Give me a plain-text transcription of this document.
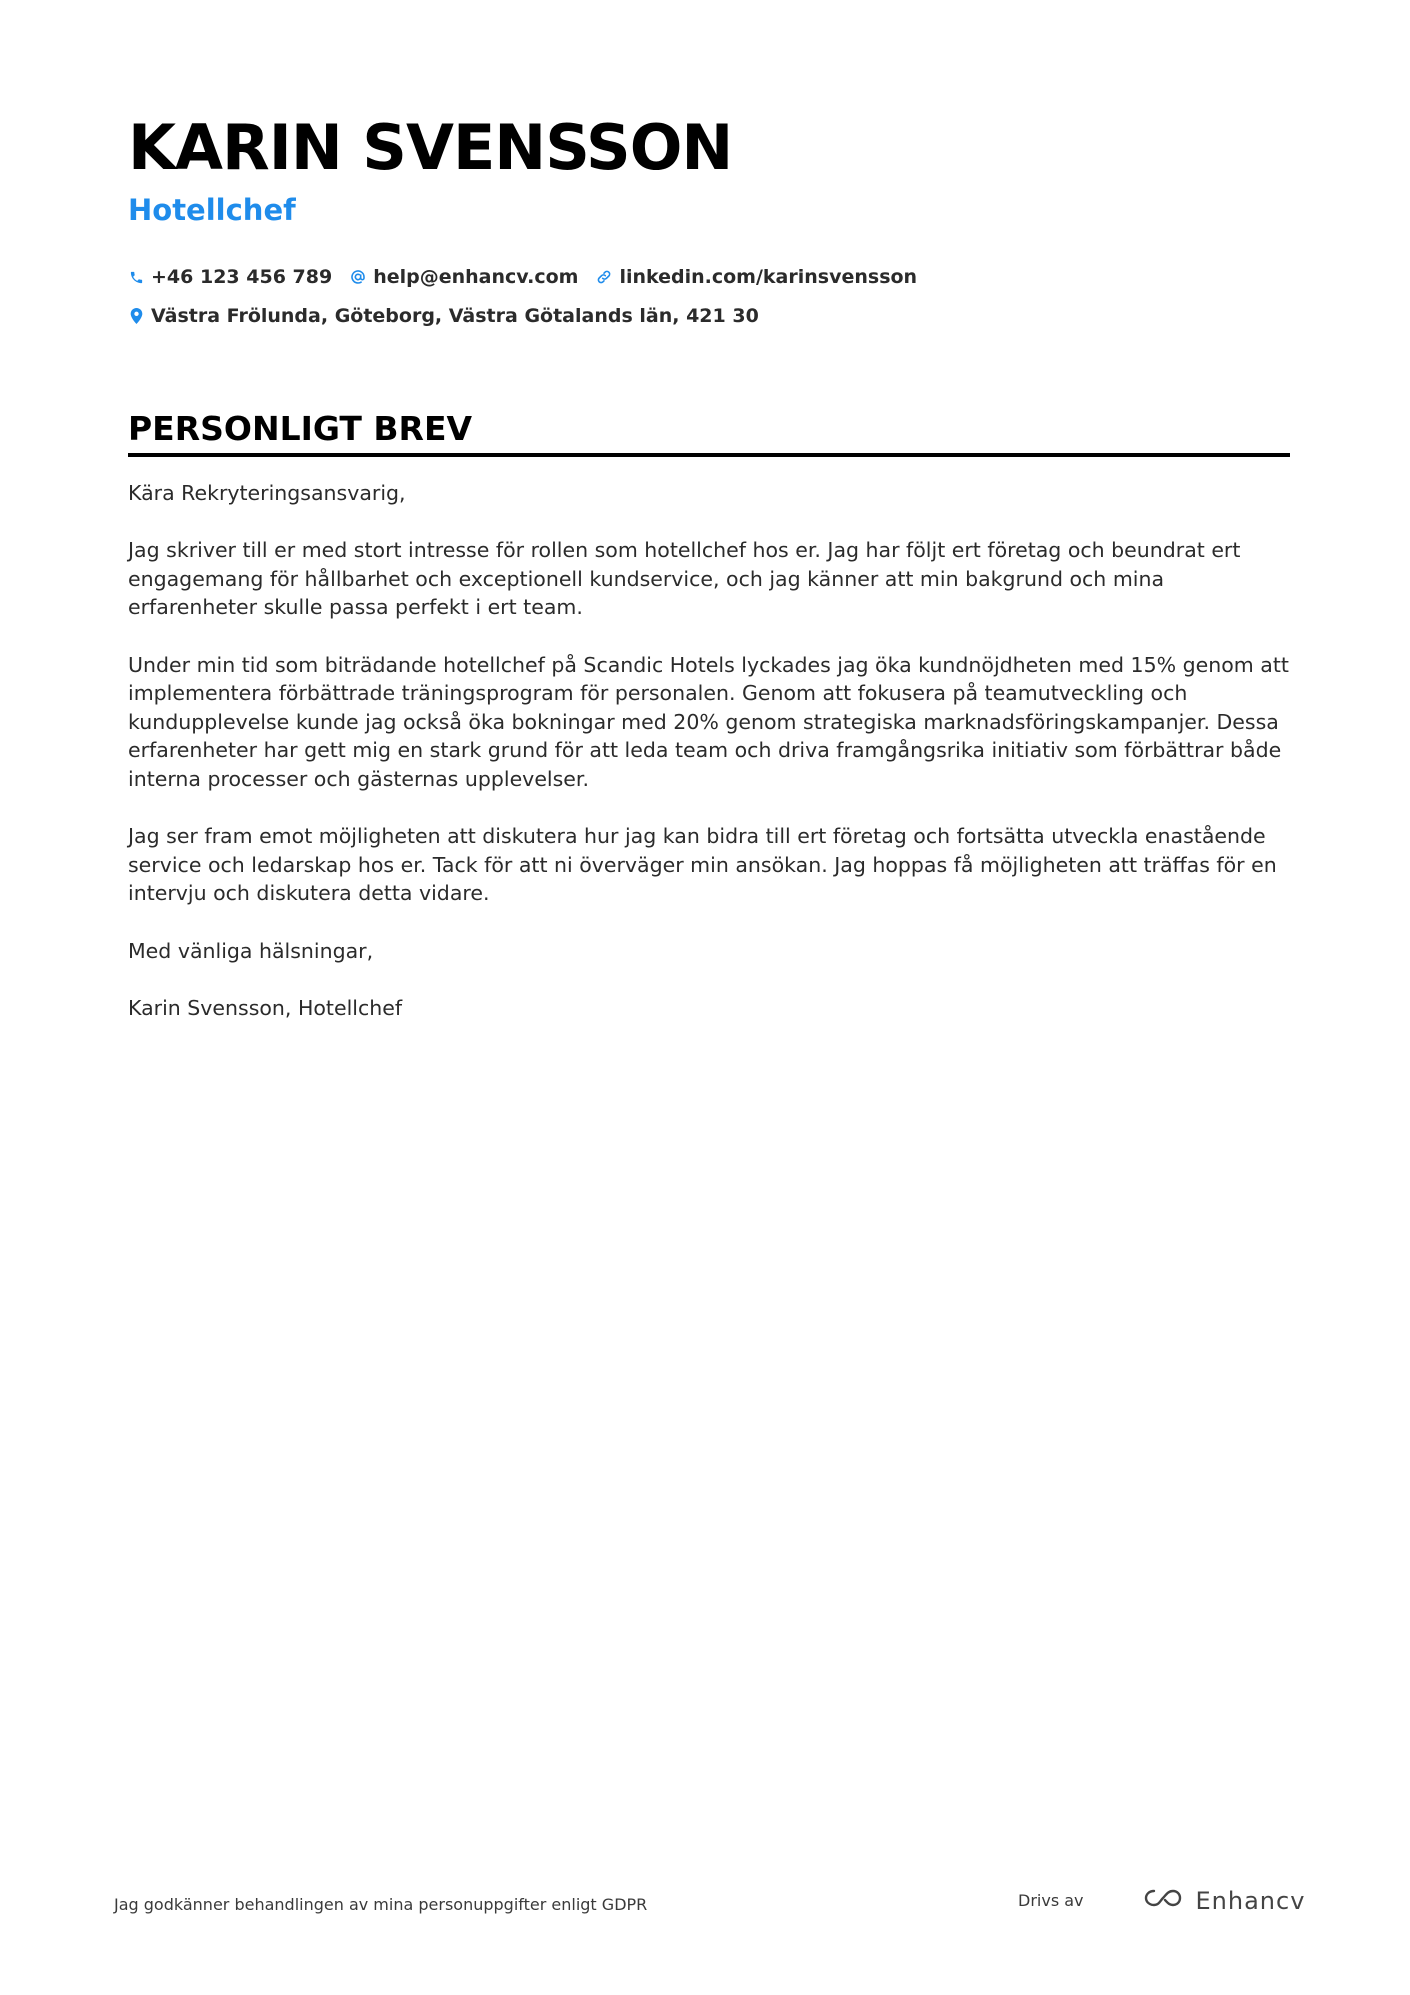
KARIN SVENSSON
Hotellchef
+46 123 456 789 help@enhancv.com linkedin.com/karinsvensson
Västra Frölunda, Göteborg, Västra Götalands län, 421 30
PERSONLIGT BREV

Kära Rekryteringsansvarig,

Jag skriver till er med stort intresse för rollen som hotellchef hos er. Jag har följt ert företag och beundrat ert engagemang för hållbarhet och exceptionell kundservice, och jag känner att min bakgrund och mina erfarenheter skulle passa perfekt i ert team.

Under min tid som biträdande hotellchef på Scandic Hotels lyckades jag öka kundnöjdheten med 15% genom att implementera förbättrade träningsprogram för personalen. Genom att fokusera på teamutveckling och kundupplevelse kunde jag också öka bokningar med 20% genom strategiska marknadsföringskampanjer. Dessa erfarenheter har gett mig en stark grund för att leda team och driva framgångsrika initiativ som förbättrar både interna processer och gästernas upplevelser.

Jag ser fram emot möjligheten att diskutera hur jag kan bidra till ert företag och fortsätta utveckla enastående service och ledarskap hos er. Tack för att ni överväger min ansökan. Jag hoppas få möjligheten att träffas för en intervju och diskutera detta vidare.

Med vänliga hälsningar,

Karin Svensson, Hotellchef

Jag godkänner behandlingen av mina personuppgifter enligt GDPR	Drivs av	Enhancv
